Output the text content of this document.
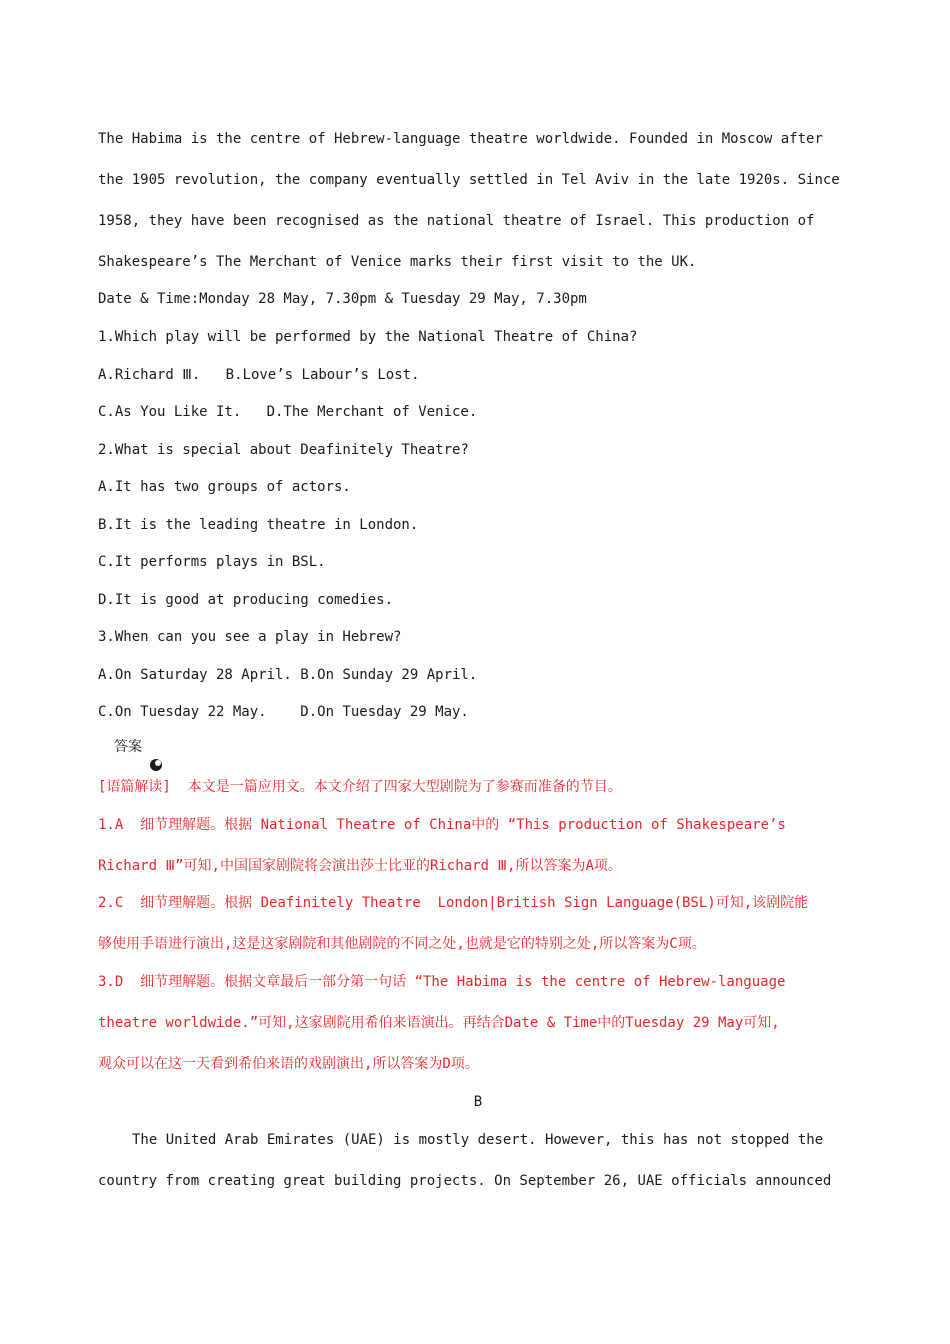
The Habima is the centre of Hebrew-language theatre worldwide. Founded in Moscow after
the 1905 revolution, the company eventually settled in Tel Aviv in the late 1920s. Since
1958, they have been recognised as the national theatre of Israel. This production of
Shakespeare’s The Merchant of Venice marks their first visit to the UK.
Date & Time:Monday 28 May, 7.30pm & Tuesday 29 May, 7.30pm
1.Which play will be performed by the National Theatre of China?
A.Richard Ⅲ.   B.Love’s Labour’s Lost.
C.As You Like It.   D.The Merchant of Venice.
2.What is special about Deafinitely Theatre?
A.It has two groups of actors.
B.It is the leading theatre in London.
C.It performs plays in BSL.
D.It is good at producing comedies.
3.When can you see a play in Hebrew?
A.On Saturday 28 April. B.On Sunday 29 April.
C.On Tuesday 22 May.    D.On Tuesday 29 May.

答案
[语篇解读]  本文是一篇应用文。本文介绍了四家大型剧院为了参赛而准备的节目。
1.A  细节理解题。根据 National Theatre of China中的 “This production of Shakespeare’s
Richard Ⅲ”可知,中国国家剧院将会演出莎士比亚的Richard Ⅲ,所以答案为A项。
2.C  细节理解题。根据 Deafinitely Theatre  London|British Sign Language(BSL)可知,该剧院能
够使用手语进行演出,这是这家剧院和其他剧院的不同之处,也就是它的特别之处,所以答案为C项。
3.D  细节理解题。根据文章最后一部分第一句话 “The Habima is the centre of Hebrew-language
theatre worldwide.”可知,这家剧院用希伯来语演出。再结合Date & Time中的Tuesday 29 May可知,
观众可以在这一天看到希伯来语的戏剧演出,所以答案为D项。
B
The United Arab Emirates (UAE) is mostly desert. However, this has not stopped the
country from creating great building projects. On September 26, UAE officials announced
